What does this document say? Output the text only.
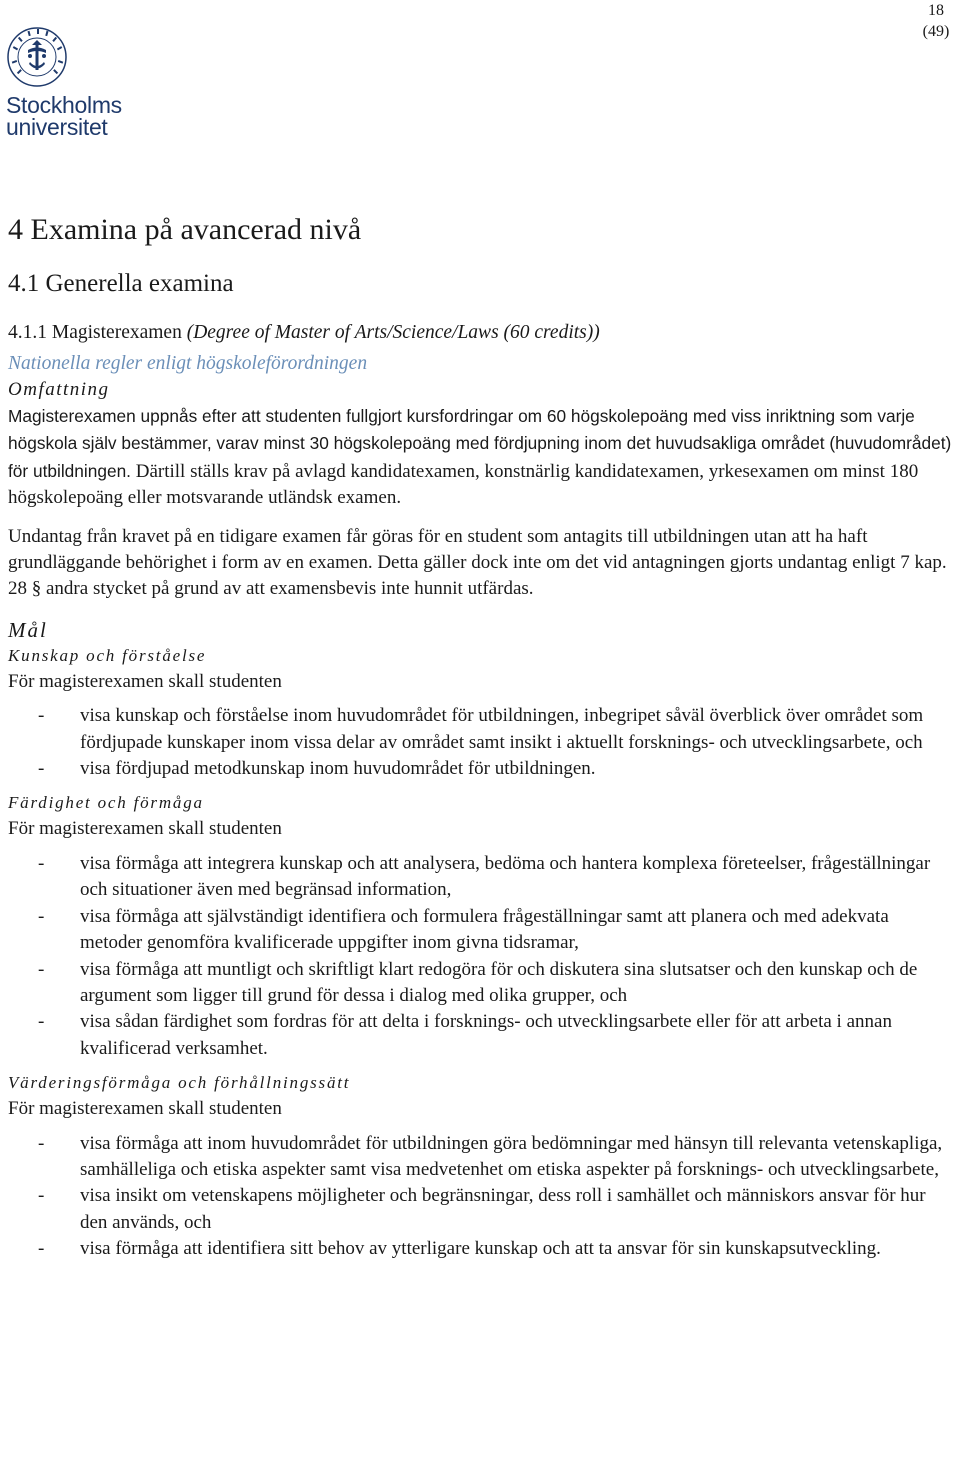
18
(49)
Stockholms
universitet
4 Examina på avancerad nivå
4.1 Generella examina
4.1.1 Magisterexamen (Degree of Master of Arts/Science/Laws (60 credits))
Nationella regler enligt högskoleförordningen
Omfattning

Magisterexamen uppnås efter att studenten fullgjort kursfordringar om 60 högskolepoäng med viss inriktning som varje högskola själv bestämmer, varav minst 30 högskolepoäng med fördjupning inom det huvudsakliga området (huvudområdet) för utbildningen. Därtill ställs krav på avlagd kandidatexamen, konstnärlig kandidatexamen, yrkesexamen om minst 180 högskolepoäng eller motsvarande utländsk examen.

Undantag från kravet på en tidigare examen får göras för en student som antagits till utbildningen utan att ha haft grundläggande behörighet i form av en examen. Detta gäller dock inte om det vid antagningen gjorts undantag enligt 7 kap. 28 § andra stycket på grund av att examensbevis inte hunnit utfärdas.

Mål
Kunskap och förståelse

För magisterexamen skall studenten

- visa kunskap och förståelse inom huvudområdet för utbildningen, inbegripet såväl överblick över området som fördjupade kunskaper inom vissa delar av området samt insikt i aktuellt forsknings- och utvecklingsarbete, och
- visa fördjupad metodkunskap inom huvudområdet för utbildningen.
Färdighet och förmåga

För magisterexamen skall studenten

- visa förmåga att integrera kunskap och att analysera, bedöma och hantera komplexa företeelser, frågeställningar och situationer även med begränsad information,
- visa förmåga att självständigt identifiera och formulera frågeställningar samt att planera och med adekvata metoder genomföra kvalificerade uppgifter inom givna tidsramar,
- visa förmåga att muntligt och skriftligt klart redogöra för och diskutera sina slutsatser och den kunskap och de argument som ligger till grund för dessa i dialog med olika grupper, och
- visa sådan färdighet som fordras för att delta i forsknings- och utvecklingsarbete eller för att arbeta i annan kvalificerad verksamhet.
Värderingsförmåga och förhållningssätt

För magisterexamen skall studenten

- visa förmåga att inom huvudområdet för utbildningen göra bedömningar med hänsyn till relevanta vetenskapliga, samhälleliga och etiska aspekter samt visa medvetenhet om etiska aspekter på forsknings- och utvecklingsarbete,
- visa insikt om vetenskapens möjligheter och begränsningar, dess roll i samhället och människors ansvar för hur den används, och
- visa förmåga att identifiera sitt behov av ytterligare kunskap och att ta ansvar för sin kunskapsutveckling.
